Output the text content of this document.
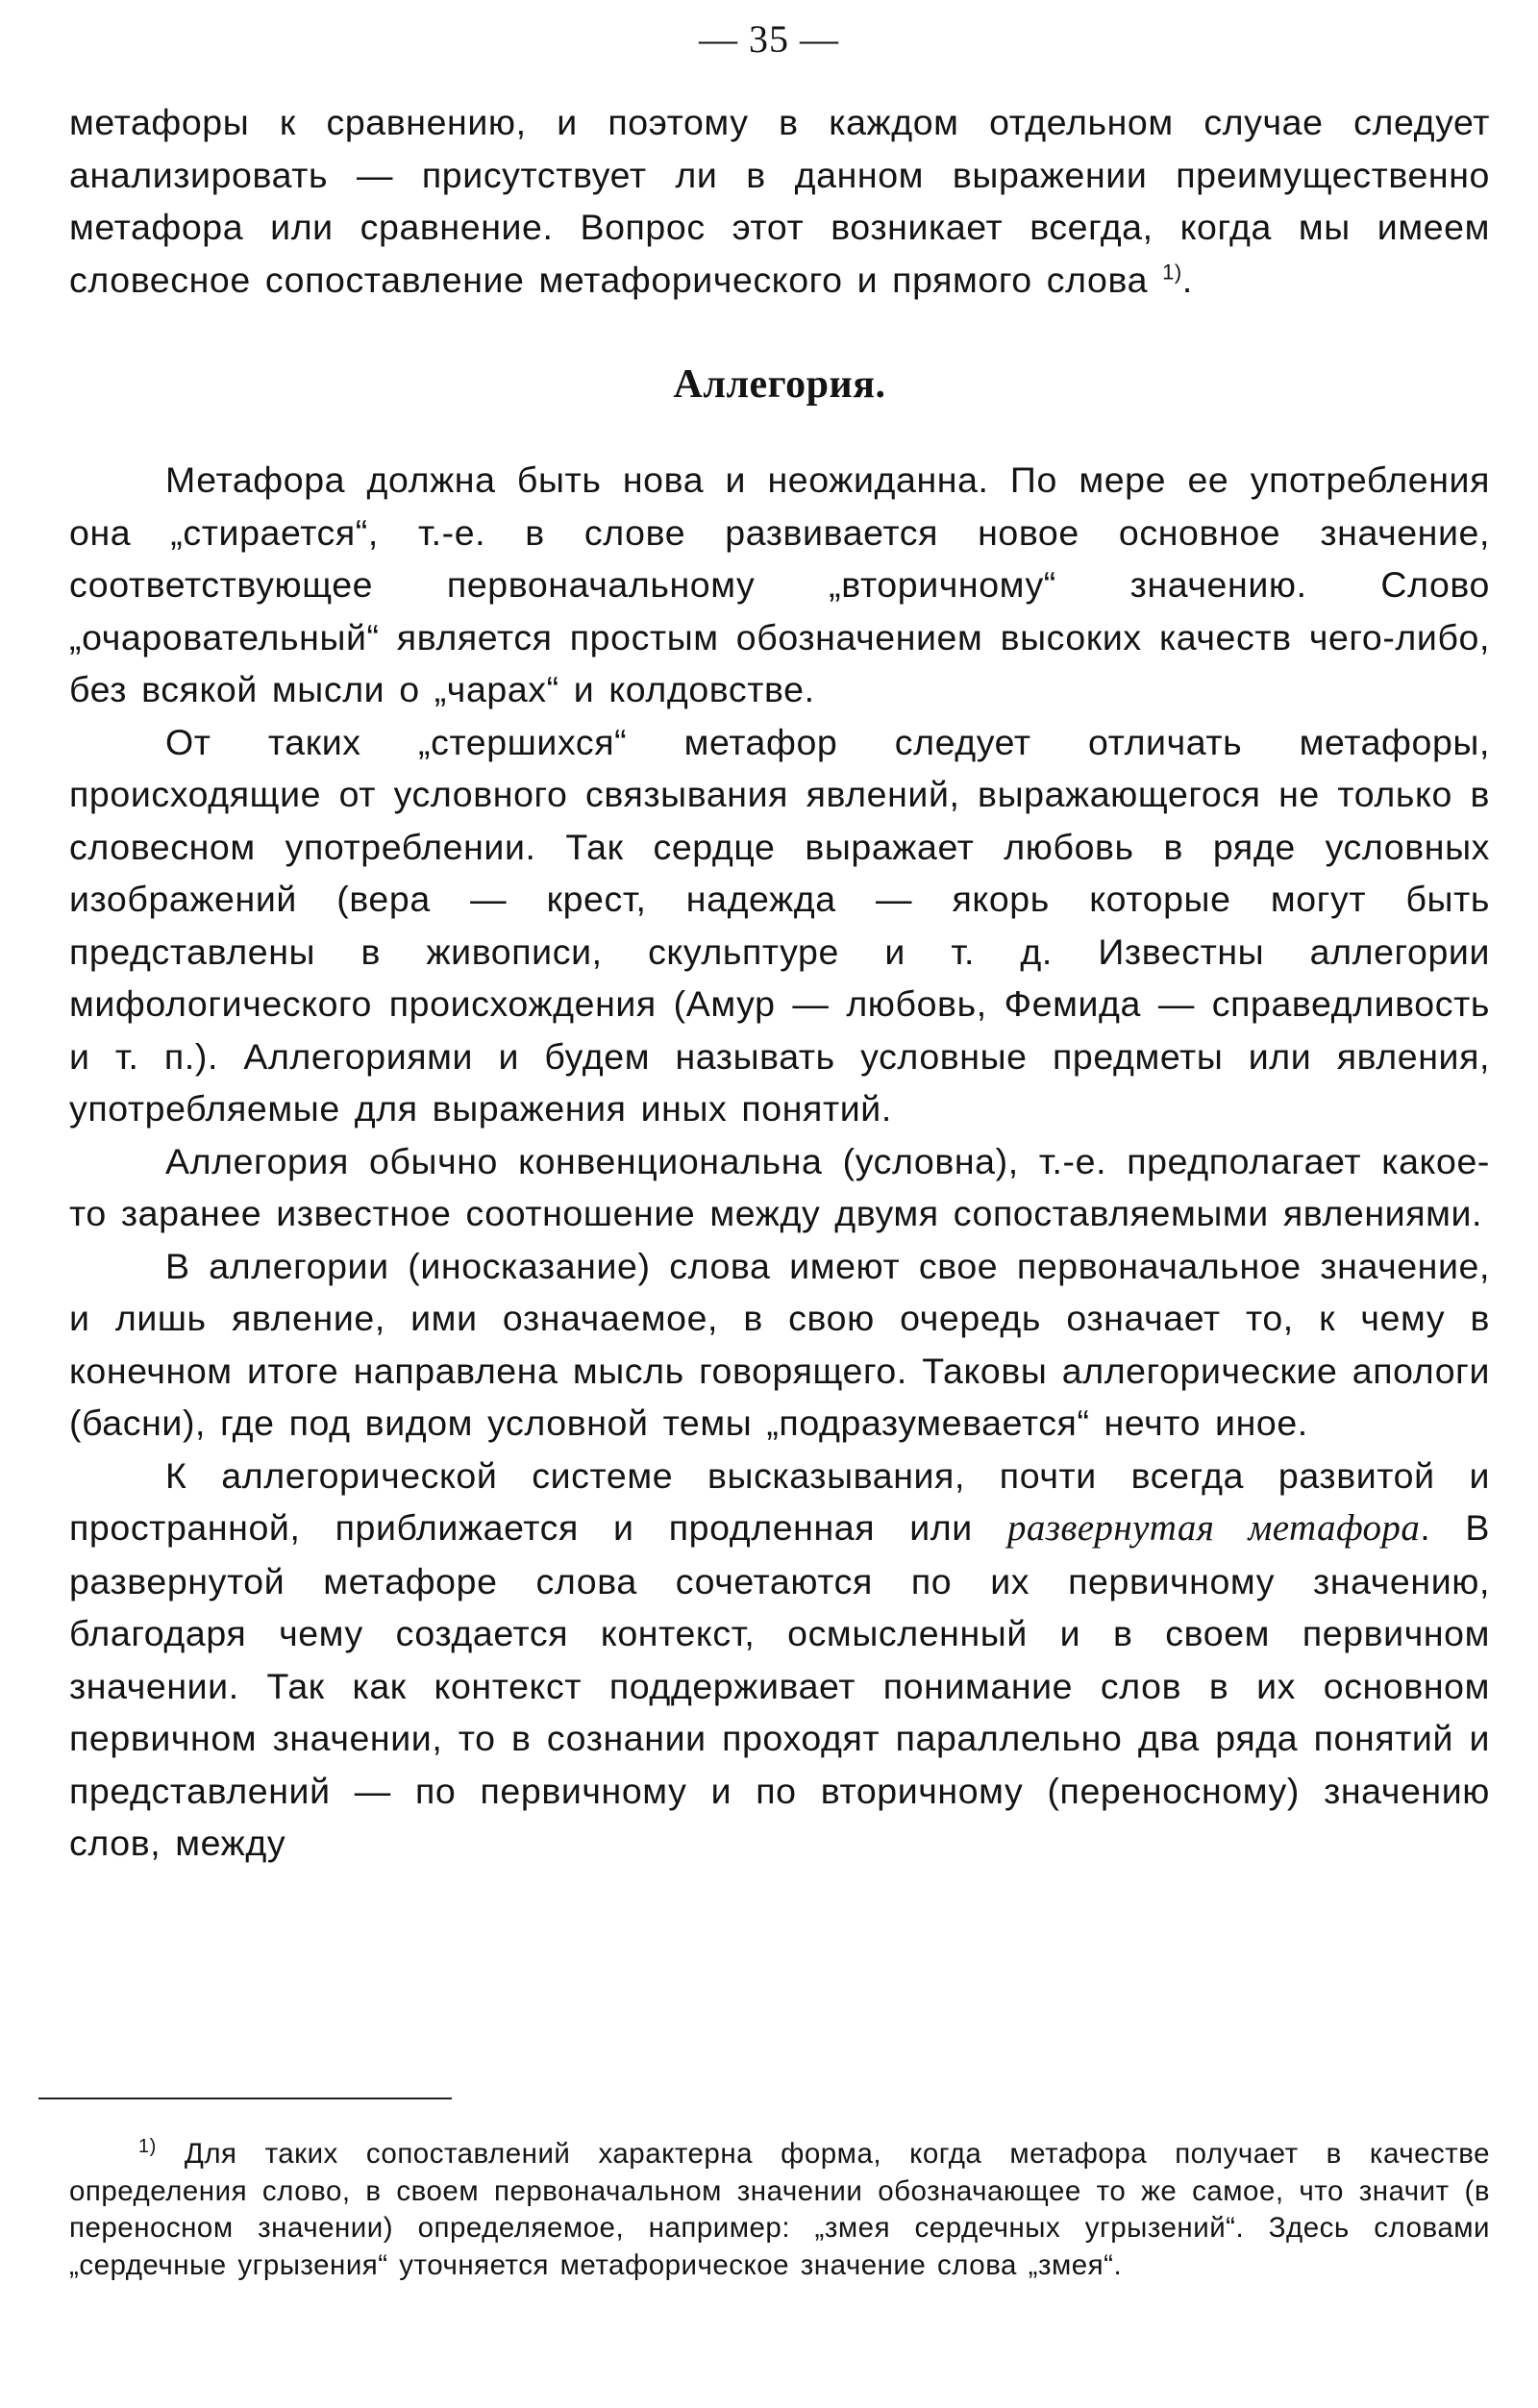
— 35 —

метафоры к сравнению, и поэтому в каждом отдельном случае следует анализировать — присутствует ли в данном выражении преимущественно метафора или сравнение. Вопрос этот возникает всегда, когда мы имеем словесное сопоставление метафорического и прямого слова $^{1)}$.

Аллегория.

Метафора должна быть нова и неожиданна. По мере ее употребления она „стирается“, т.-е. в слове развивается новое основное значение, соответствующее первоначальному „вторичному“ значению. Слово „очаровательный“ является простым обозначением высоких качеств чего-либо, без всякой мысли о „чарах“ и колдовстве.

От таких „стершихся“ метафор следует отличать метафоры, происходящие от условного связывания явлений, выражающегося не только в словесном употреблении. Так сердце выражает любовь в ряде условных изображений (вера — крест, надежда — якорь которые могут быть представлены в живописи, скульптуре и т. д. Известны аллегории мифологического происхождения (Амур — любовь, Фемида — справедливость и т. п.). Аллегориями и будем называть условные предметы или явления, употребляемые для выражения иных понятий.

Аллегория обычно конвенциональна (условна), т.-е. предполагает какое-то заранее известное соотношение между двумя сопоставляемыми явлениями.

В аллегории (иносказание) слова имеют свое первоначальное значение, и лишь явление, ими означаемое, в свою очередь означает то, к чему в конечном итоге направлена мысль говорящего. Таковы аллегорические апологи (басни), где под видом условной темы „подразумевается“ нечто иное.

К аллегорической системе высказывания, почти всегда развитой и пространной, приближается и продленная или развернутая метафора. В развернутой метафоре слова сочетаются по их первичному значению, благодаря чему создается контекст, осмысленный и в своем первичном значении. Так как контекст поддерживает понимание слов в их основном первичном значении, то в сознании проходят параллельно два ряда понятий и представлений — по первичному и по вторичному (переносному) значению слов, между

$^{1)}$ Для таких сопоставлений характерна форма, когда метафора получает в качестве определения слово, в своем первоначальном значении обозначающее то же самое, что значит (в переносном значении) определяемое, например: „змея сердечных угрызений“. Здесь словами „сердечные угрызения“ уточняется метафорическое значение слова „змея“.
